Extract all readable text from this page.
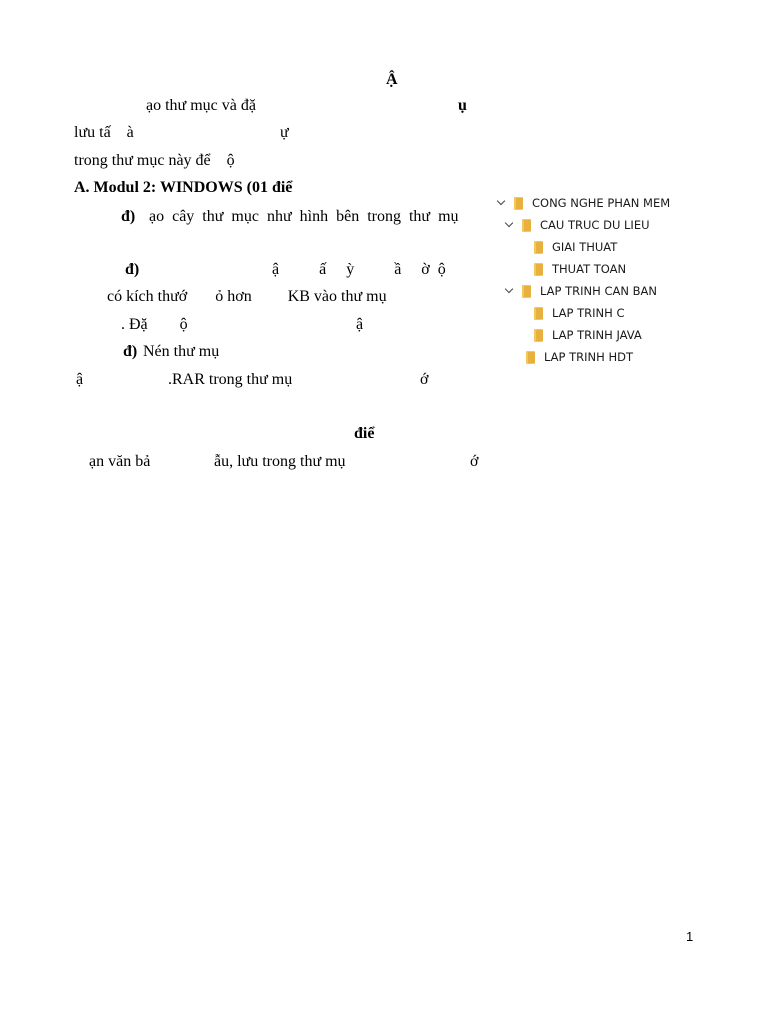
Ậ
ạo thư mục và đặ	ụ
lưu tấ    à	ự
trong thư mục này để    ộ
A. Modul 2: WINDOWS (01 điể
đ) ạo  cây  thư  mục  như  hình  bên  trong  thư  mụ
đ)	ậ          ấ     ỳ          ầ     ờ  ộ
có kích thướ       ỏ hơn         KB vào thư mụ
. Đặ        ộ	ậ
đ) Nén thư mụ
ậ	.RAR trong thư mụ	ớ
điể
ạn văn bả	ẫu, lưu trong thư mụ	ớ
CONG NGHE PHAN MEM
CAU TRUC DU LIEU
GIAI THUAT
THUAT TOAN
LAP TRINH CAN BAN
LAP TRINH C
LAP TRINH JAVA
LAP TRINH HDT
1
